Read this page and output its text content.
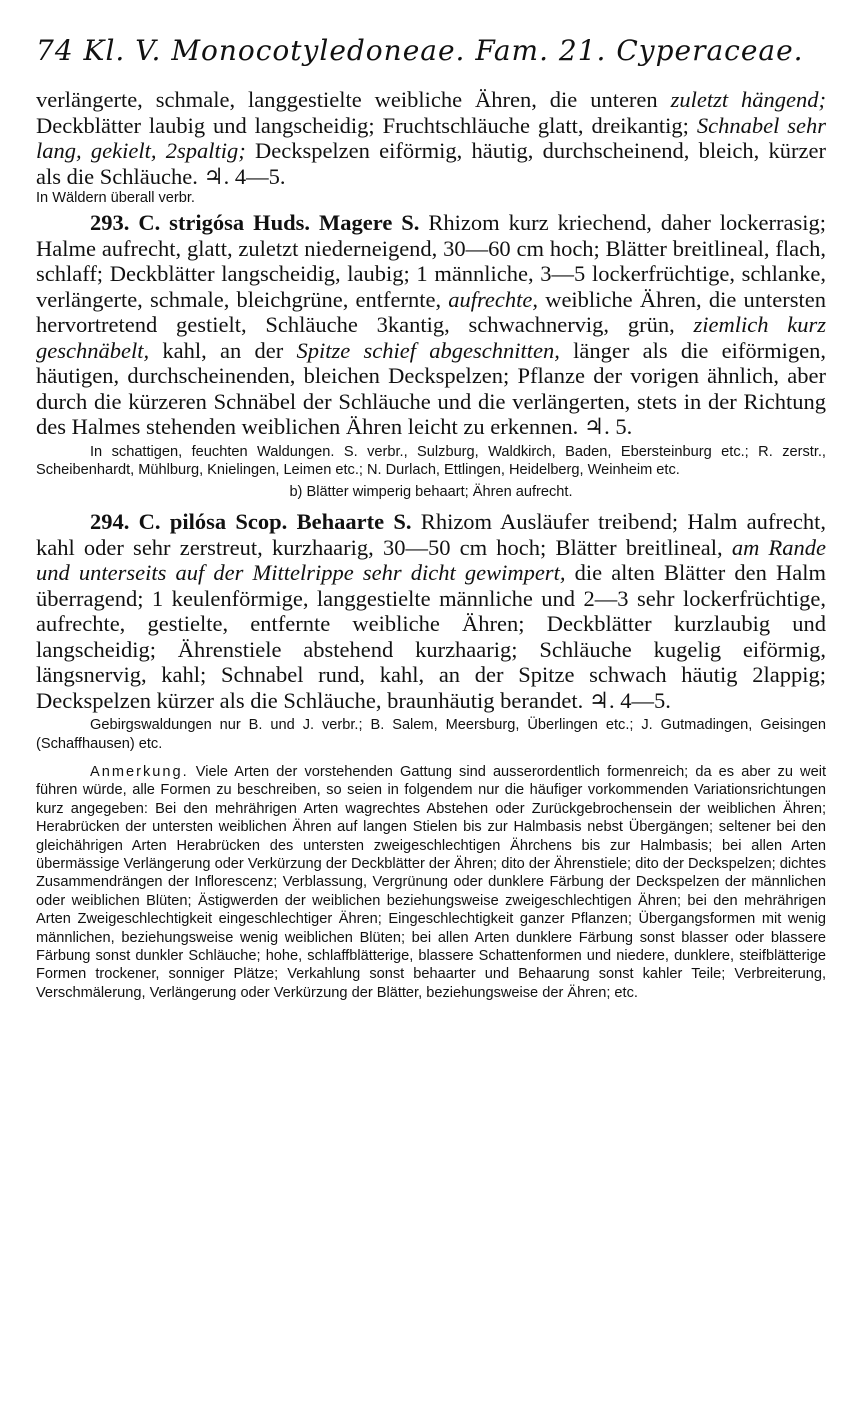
74 Kl. V. Monocotyledoneae. Fam. 21. Cyperaceae.

verlängerte, schmale, langgestielte weibliche Ähren, die unteren zuletzt hängend; Deckblätter laubig und langscheidig; Fruchtschläuche glatt, dreikantig; Schnabel sehr lang, gekielt, 2spaltig; Deckspelzen eiförmig, häutig, durchscheinend, bleich, kürzer als die Schläuche. ♃. 4—5.

In Wäldern überall verbr.

293. C. strigósa Huds. Magere S. Rhizom kurz kriechend, daher lockerrasig; Halme aufrecht, glatt, zuletzt niederneigend, 30—60 cm hoch; Blätter breitlineal, flach, schlaff; Deckblätter langscheidig, laubig; 1 männliche, 3—5 lockerfrüchtige, schlanke, verlängerte, schmale, bleichgrüne, entfernte, aufrechte, weibliche Ähren, die untersten hervortretend gestielt, Schläuche 3kantig, schwachnervig, grün, ziemlich kurz geschnäbelt, kahl, an der Spitze schief abgeschnitten, länger als die eiförmigen, häutigen, durchscheinenden, bleichen Deckspelzen; Pflanze der vorigen ähnlich, aber durch die kürzeren Schnäbel der Schläuche und die verlängerten, stets in der Richtung des Halmes stehenden weiblichen Ähren leicht zu erkennen. ♃. 5.

In schattigen, feuchten Waldungen. S. verbr., Sulzburg, Waldkirch, Baden, Ebersteinburg etc.; R. zerstr., Scheibenhardt, Mühlburg, Knielingen, Leimen etc.; N. Durlach, Ettlingen, Heidelberg, Weinheim etc.

b) Blätter wimperig behaart; Ähren aufrecht.

294. C. pilósa Scop. Behaarte S. Rhizom Ausläufer treibend; Halm aufrecht, kahl oder sehr zerstreut, kurzhaarig, 30—50 cm hoch; Blätter breitlineal, am Rande und unterseits auf der Mittelrippe sehr dicht gewimpert, die alten Blätter den Halm überragend; 1 keulenförmige, langgestielte männliche und 2—3 sehr lockerfrüchtige, aufrechte, gestielte, entfernte weibliche Ähren; Deckblätter kurzlaubig und langscheidig; Ährenstiele abstehend kurzhaarig; Schläuche kugelig eiförmig, längsnervig, kahl; Schnabel rund, kahl, an der Spitze schwach häutig 2lappig; Deckspelzen kürzer als die Schläuche, braunhäutig berandet. ♃. 4—5.

Gebirgswaldungen nur B. und J. verbr.; B. Salem, Meersburg, Überlingen etc.; J. Gutmadingen, Geisingen (Schaffhausen) etc.

Anmerkung. Viele Arten der vorstehenden Gattung sind ausserordentlich formenreich; da es aber zu weit führen würde, alle Formen zu beschreiben, so seien in folgendem nur die häufiger vorkommenden Variationsrichtungen kurz angegeben: Bei den mehrährigen Arten wagrechtes Abstehen oder Zurückgebrochensein der weiblichen Ähren; Herabrücken der untersten weiblichen Ähren auf langen Stielen bis zur Halmbasis nebst Übergängen; seltener bei den gleichährigen Arten Herabrücken des untersten zweigeschlechtigen Ährchens bis zur Halmbasis; bei allen Arten übermässige Verlängerung oder Verkürzung der Deckblätter der Ähren; dito der Ährenstiele; dito der Deckspelzen; dichtes Zusammendrängen der Inflorescenz; Verblassung, Vergrünung oder dunklere Färbung der Deckspelzen der männlichen oder weiblichen Blüten; Ästigwerden der weiblichen beziehungsweise zweigeschlechtigen Ähren; bei den mehrährigen Arten Zweigeschlechtigkeit eingeschlechtiger Ähren; Eingeschlechtigkeit ganzer Pflanzen; Übergangsformen mit wenig männlichen, beziehungsweise wenig weiblichen Blüten; bei allen Arten dunklere Färbung sonst blasser oder blassere Färbung sonst dunkler Schläuche; hohe, schlaffblätterige, blassere Schattenformen und niedere, dunklere, steifblätterige Formen trockener, sonniger Plätze; Verkahlung sonst behaarter und Behaarung sonst kahler Teile; Verbreiterung, Verschmälerung, Verlängerung oder Verkürzung der Blätter, beziehungsweise der Ähren; etc.
